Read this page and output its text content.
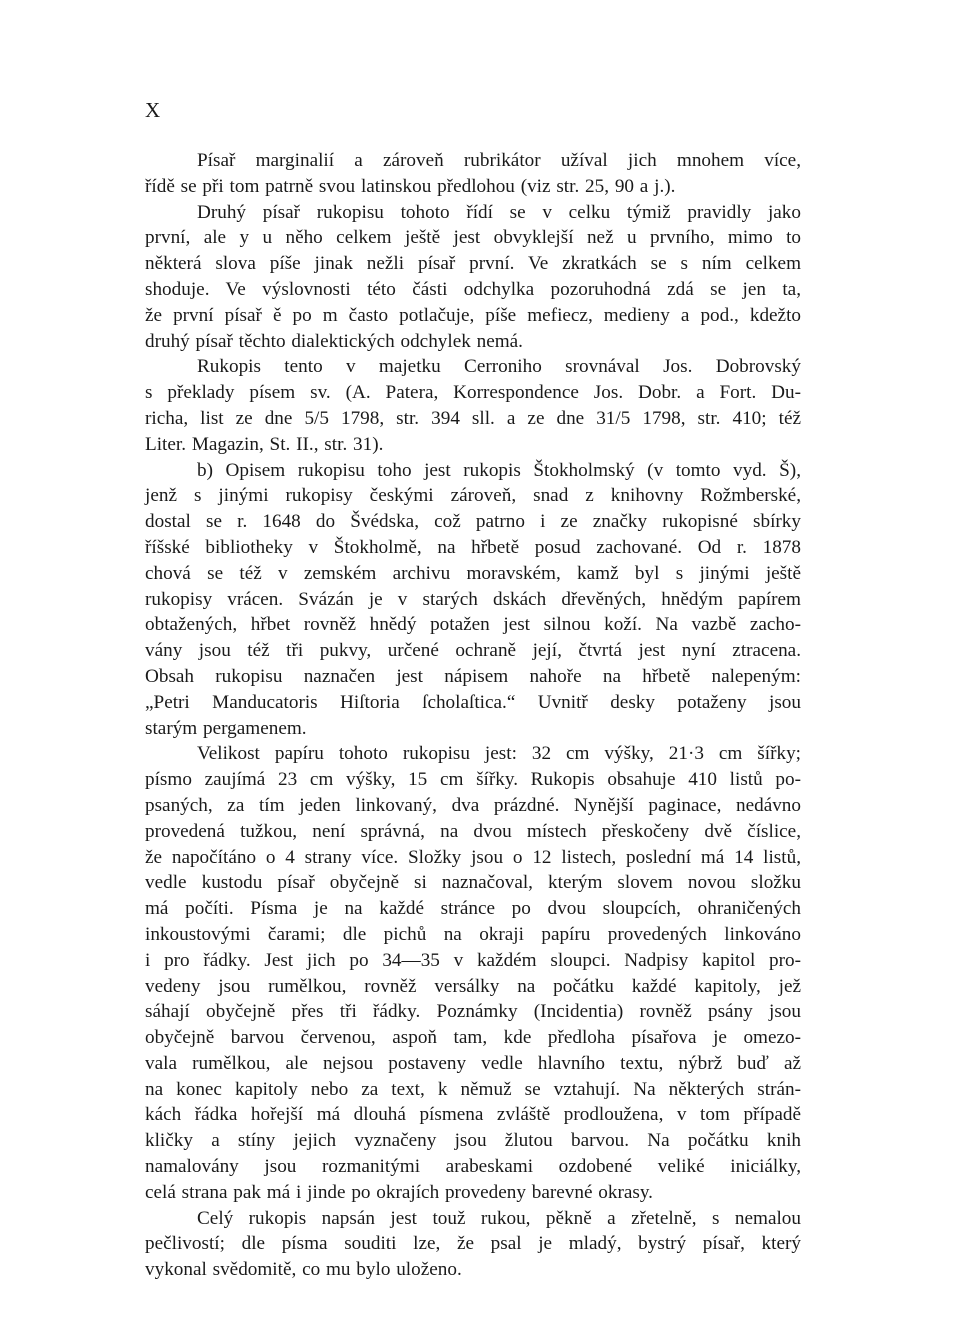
X
Písař marginalií a zároveň rubrikátor užíval jich mnohem více,
řídě se při tom patrně svou latinskou předlohou (viz str. 25, 90 a j.).
Druhý písař rukopisu tohoto řídí se v celku týmiž pravidly jako
první, ale y u něho celkem ještě jest obvyklejší než u prvního, mimo to
některá slova píše jinak nežli písař první. Ve zkratkách se s ním celkem
shoduje. Ve výslovnosti této části odchylka pozoruhodná zdá se jen ta,
že první písař ě po m často potlačuje, píše mefiecz, medieny a pod., kdežto
druhý písař těchto dialektických odchylek nemá.
Rukopis tento v majetku Cerroniho srovnával Jos. Dobrovský
s překlady písem sv. (A. Patera, Korrespondence Jos. Dobr. a Fort. Du-
richa, list ze dne 5/5 1798, str. 394 sll. a ze dne 31/5 1798, str. 410; též
Liter. Magazin, St. II., str. 31).
b) Opisem rukopisu toho jest rukopis Štokholmský (v tomto vyd. Š),
jenž s jinými rukopisy českými zároveň, snad z knihovny Rožmberské,
dostal se r. 1648 do Švédska, což patrno i ze značky rukopisné sbírky
říšské bibliotheky v Štokholmě, na hřbetě posud zachované. Od r. 1878
chová se též v zemském archivu moravském, kamž byl s jinými ještě
rukopisy vrácen. Svázán je v starých dskách dřevěných, hnědým papírem
obtažených, hřbet rovněž hnědý potažen jest silnou koží. Na vazbě zacho-
vány jsou též tři pukvy, určené ochraně její, čtvrtá jest nyní ztracena.
Obsah rukopisu naznačen jest nápisem nahoře na hřbetě nalepeným:
„Petri Manducatoris Hiſtoria ſcholaſtica.“ Uvnitř desky potaženy jsou
starým pergamenem.
Velikost papíru tohoto rukopisu jest: 32 cm výšky, 21·3 cm šířky;
písmo zaujímá 23 cm výšky, 15 cm šířky. Rukopis obsahuje 410 listů po-
psaných, za tím jeden linkovaný, dva prázdné. Nynější paginace, nedávno
provedená tužkou, není správná, na dvou místech přeskočeny dvě číslice,
že napočítáno o 4 strany více. Složky jsou o 12 listech, poslední má 14 listů,
vedle kustodu písař obyčejně si naznačoval, kterým slovem novou složku
má počíti. Písma je na každé stránce po dvou sloupcích, ohraničených
inkoustovými čarami; dle pichů na okraji papíru provedených linkováno
i pro řádky. Jest jich po 34—35 v každém sloupci. Nadpisy kapitol pro-
vedeny jsou rumělkou, rovněž versálky na počátku každé kapitoly, jež
sáhají obyčejně přes tři řádky. Poznámky (Incidentia) rovněž psány jsou
obyčejně barvou červenou, aspoň tam, kde předloha písařova je omezo-
vala rumělkou, ale nejsou postaveny vedle hlavního textu, nýbrž buď až
na konec kapitoly nebo za text, k němuž se vztahují. Na některých strán-
kách řádka hořejší má dlouhá písmena zvláště prodloužena, v tom případě
kličky a stíny jejich vyznačeny jsou žlutou barvou. Na počátku knih
namalovány jsou rozmanitými arabeskami ozdobené veliké iniciálky,
celá strana pak má i jinde po okrajích provedeny barevné okrasy.
Celý rukopis napsán jest touž rukou, pěkně a zřetelně, s nemalou
pečlivostí; dle písma souditi lze, že psal je mladý, bystrý písař, který
vykonal svědomitě, co mu bylo uloženo.
